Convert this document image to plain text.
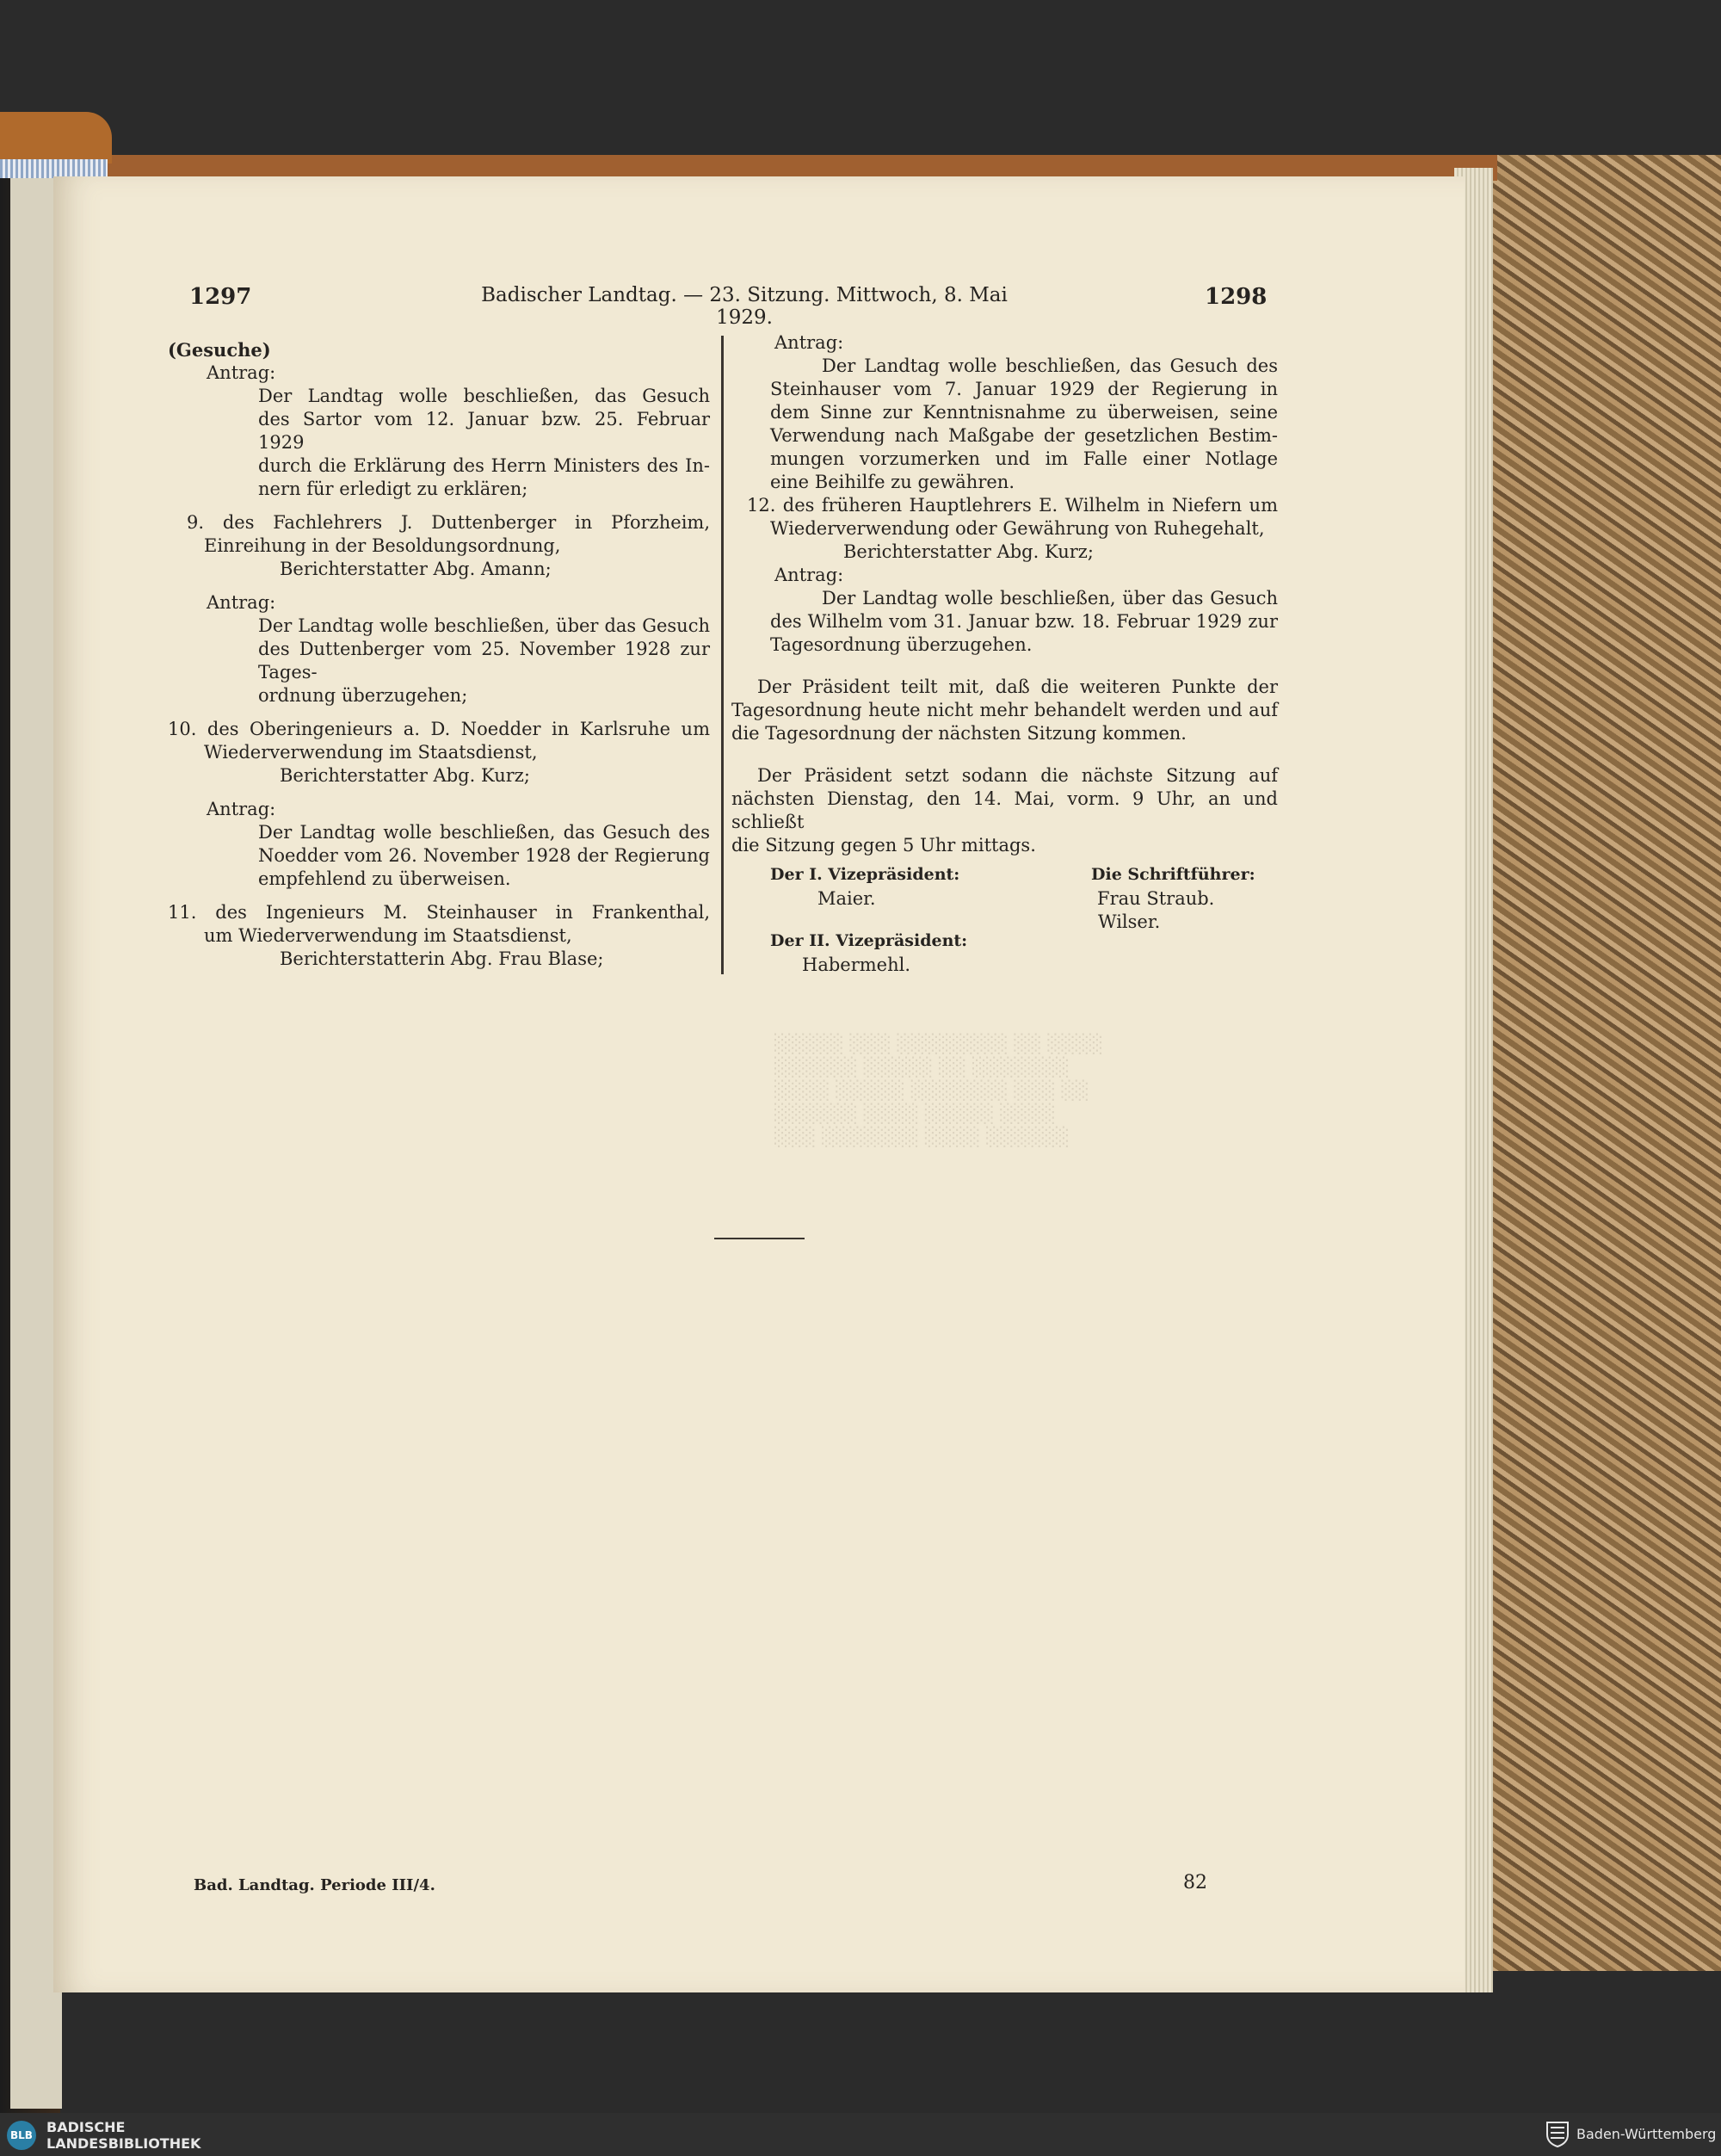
░░░░░ ░░░ ░░░░░░░░ ░░ ░░░░
░░░░░░ ░░░░░ ░░ ░░░░░░░
░░░░ ░░░░░ ░░░░░░░ ░░░ ░░
░░░░░░ ░░░░ ░░░░░ ░░░░
░░░ ░░░░░░░ ░░░░ ░░░░░░
1297	Badischer Landtag. — 23. Sitzung. Mittwoch, 8. Mai 1929.
1298

(Gesuche)

Antrag:

Der Landtag wolle beschließen, das Gesuch

des Sartor vom 12. Januar bzw. 25. Februar 1929

durch die Erklärung des Herrn Ministers des In-

nern für erledigt zu erklären;

9. des Fachlehrers J. Duttenberger in Pforzheim,

Einreihung in der Besoldungsordnung,

Berichterstatter Abg. Amann;

Antrag:

Der Landtag wolle beschließen, über das Gesuch

des Duttenberger vom 25. November 1928 zur Tages-

ordnung überzugehen;

10. des Oberingenieurs a. D. Noedder in Karlsruhe um

Wiederverwendung im Staatsdienst,

Berichterstatter Abg. Kurz;

Antrag:

Der Landtag wolle beschließen, das Gesuch des

Noedder vom 26. November 1928 der Regierung

empfehlend zu überweisen.

11. des Ingenieurs M. Steinhauser in Frankenthal,

um Wiederverwendung im Staatsdienst,

Berichterstatterin Abg. Frau Blase;

Antrag:

Der Landtag wolle beschließen, das Gesuch des

Steinhauser vom 7. Januar 1929 der Regierung in

dem Sinne zur Kenntnisnahme zu überweisen, seine

Verwendung nach Maßgabe der gesetzlichen Bestim-

mungen vorzumerken und im Falle einer Notlage

eine Beihilfe zu gewähren.

12. des früheren Hauptlehrers E. Wilhelm in Niefern um

Wiederverwendung oder Gewährung von Ruhegehalt,

Berichterstatter Abg. Kurz;

Antrag:

Der Landtag wolle beschließen, über das Gesuch

des Wilhelm vom 31. Januar bzw. 18. Februar 1929 zur

Tagesordnung überzugehen.

Der Präsident teilt mit, daß die weiteren Punkte der

Tagesordnung heute nicht mehr behandelt werden und auf

die Tagesordnung der nächsten Sitzung kommen.

Der Präsident setzt sodann die nächste Sitzung auf

nächsten Dienstag, den 14. Mai, vorm. 9 Uhr, an und schließt

die Sitzung gegen 5 Uhr mittags.

Der I. Vizepräsident:
Maier.
Der II. Vizepräsident:
Habermehl.
Die Schriftführer:
Frau Straub.
Wilser.
Bad. Landtag. Periode III/4.	82
BLB BADISCHE
LANDESBIBLIOTHEK
Baden-Württemberg
